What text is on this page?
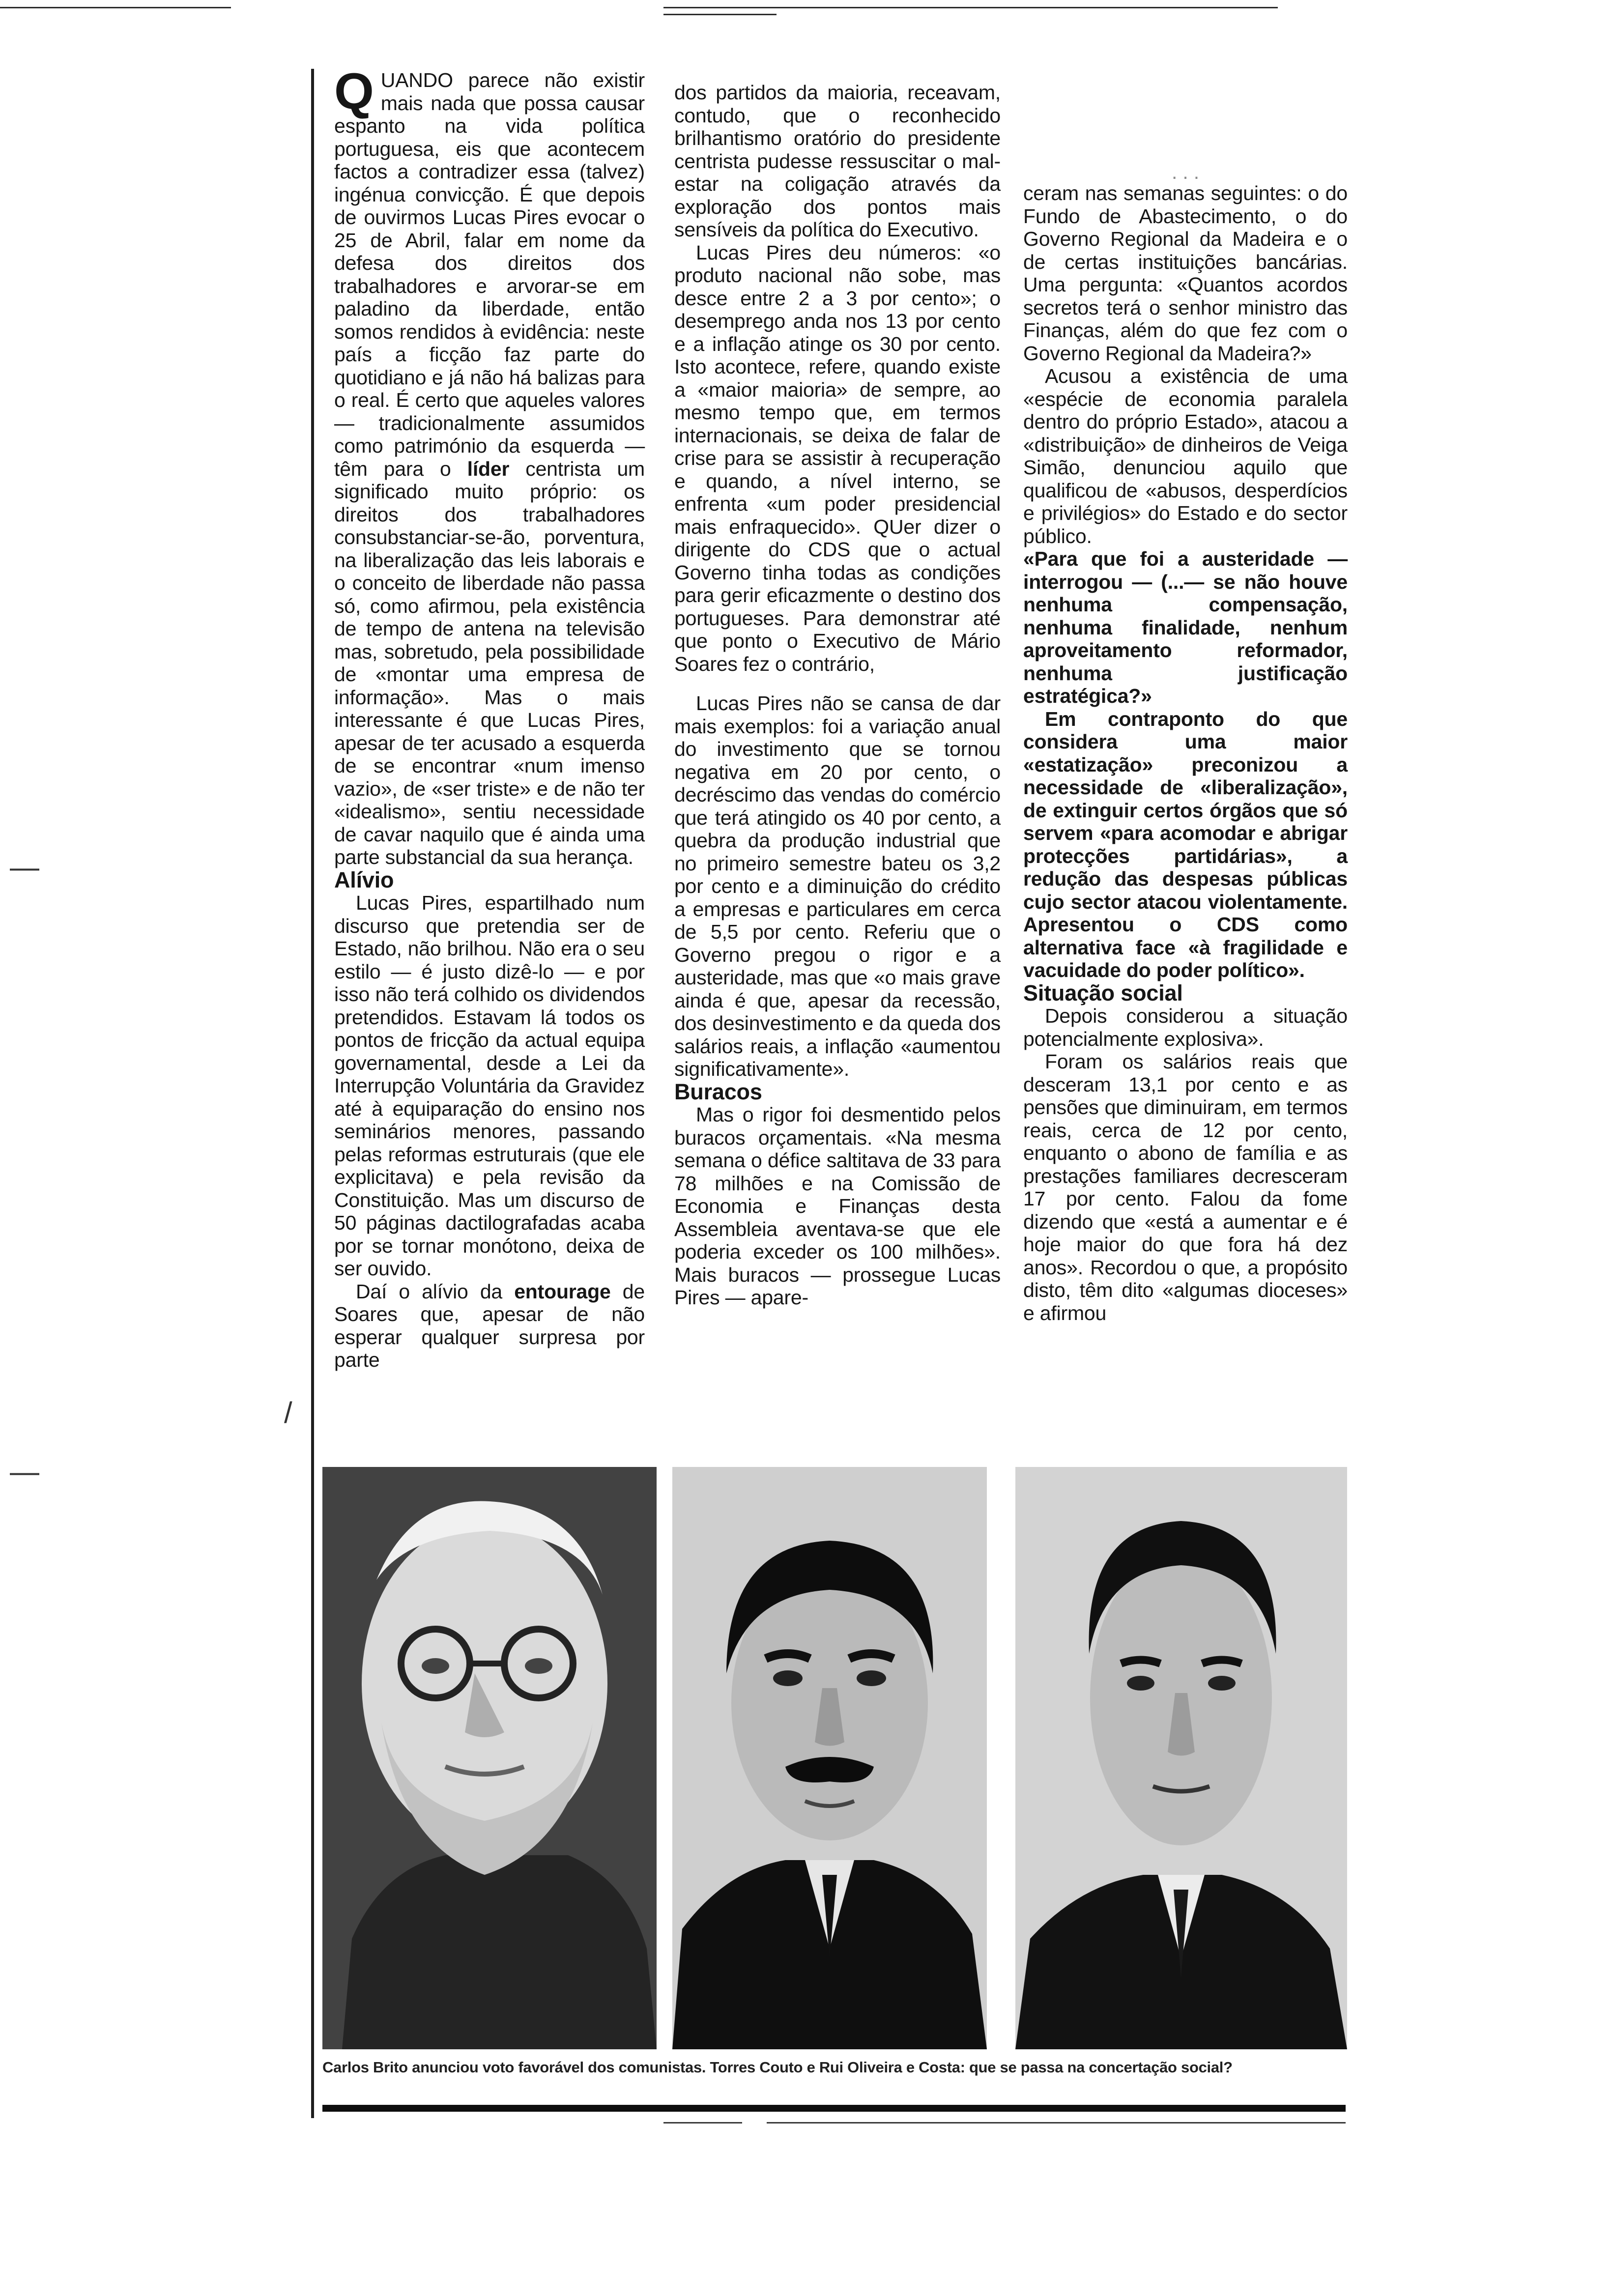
—
/
—

QUANDO parece não existir mais nada que possa causar espanto na vida política portuguesa, eis que acontecem factos a contradizer essa (talvez) ingénua convicção. É que depois de ouvirmos Lucas Pires evocar o 25 de Abril, falar em nome da defesa dos direitos dos trabalhadores e arvorar-se em paladino da liberdade, então somos rendidos à evidência: neste país a ficção faz parte do quotidiano e já não há balizas para o real. É certo que aqueles valores — tradicionalmente assumidos como património da esquerda — têm para o líder centrista um significado muito próprio: os direitos dos trabalhadores consubstanciar-se-ão, porventura, na liberalização das leis laborais e o conceito de liberdade não passa só, como afirmou, pela existência de tempo de antena na televisão mas, sobretudo, pela possibilidade de «montar uma empresa de informação». Mas o mais interessante é que Lucas Pires, apesar de ter acusado a esquerda de se encontrar «num imenso vazio», de «ser triste» e de não ter «idealismo», sentiu necessidade de cavar naquilo que é ainda uma parte substancial da sua herança.

Alívio

Lucas Pires, espartilhado num discurso que pretendia ser de Estado, não brilhou. Não era o seu estilo — é justo dizê-lo — e por isso não terá colhido os dividendos pretendidos. Estavam lá todos os pontos de fricção da actual equipa governamental, desde a Lei da Interrupção Voluntária da Gravidez até à equiparação do ensino nos seminários menores, passando pelas reformas estruturais (que ele explicitava) e pela revisão da Constituição. Mas um discurso de 50 páginas dactilografadas acaba por se tornar monótono, deixa de ser ouvido.

Daí o alívio da entourage de Soares que, apesar de não esperar qualquer surpresa por parte

dos partidos da maioria, receavam, contudo, que o reconhecido brilhantismo oratório do presidente centrista pudesse ressuscitar o mal-estar na coligação através da exploração dos pontos mais sensíveis da política do Executivo.

Lucas Pires deu números: «o produto nacional não sobe, mas desce entre 2 a 3 por cento»; o desemprego anda nos 13 por cento e a inflação atinge os 30 por cento. Isto acontece, refere, quando existe a «maior maioria» de sempre, ao mesmo tempo que, em termos internacionais, se deixa de falar de crise para se assistir à recuperação e quando, a nível interno, se enfrenta «um poder presidencial mais enfraquecido». QUer dizer o dirigente do CDS que o actual Governo tinha todas as condições para gerir eficazmente o destino dos portugueses. Para demonstrar até que ponto o Executivo de Mário Soares fez o contrário,

Lucas Pires não se cansa de dar mais exemplos: foi a variação anual do investimento que se tornou negativa em 20 por cento, o decréscimo das vendas do comércio que terá atingido os 40 por cento, a quebra da produção industrial que no primeiro semestre bateu os 3,2 por cento e a diminuição do crédito a empresas e particulares em cerca de 5,5 por cento. Referiu que o Governo pregou o rigor e a austeridade, mas que «o mais grave ainda é que, apesar da recessão, dos desinvestimento e da queda dos salários reais, a inflação «aumentou significativamente».

Buracos

Mas o rigor foi desmentido pelos buracos orçamentais. «Na mesma semana o défice saltitava de 33 para 78 milhões e na Comissão de Economia e Finanças desta Assembleia aventava-se que ele poderia exceder os 100 milhões». Mais buracos — prossegue Lucas Pires — apare-

. . .

ceram nas semanas seguintes: o do Fundo de Abastecimento, o do Governo Regional da Madeira e o de certas instituições bancárias. Uma pergunta: «Quantos acordos secretos terá o senhor ministro das Finanças, além do que fez com o Governo Regional da Madeira?»

Acusou a existência de uma «espécie de economia paralela dentro do próprio Estado», atacou a «distribuição» de dinheiros de Veiga Simão, denunciou aquilo que qualificou de «abusos, desperdícios e privilégios» do Estado e do sector público.

«Para que foi a austeridade — interrogou — (...— se não houve nenhuma compensação, nenhuma finalidade, nenhum aproveitamento reformador, nenhuma justificação estratégica?»

Em contraponto do que considera uma maior «estatização» preconizou a necessidade de «liberalização», de extinguir certos órgãos que só servem «para acomodar e abrigar protecções partidárias», a redução das despesas públicas cujo sector atacou violentamente. Apresentou o CDS como alternativa face «à fragilidade e vacuidade do poder político».

Situação social

Depois considerou a situação potencialmente explosiva».

Foram os salários reais que desceram 13,1 por cento e as pensões que diminuiram, em termos reais, cerca de 12 por cento, enquanto o abono de família e as prestações familiares decresceram 17 por cento. Falou da fome dizendo que «está a aumentar e é hoje maior do que fora há dez anos». Recordou o que, a propósito disto, têm dito «algumas dioceses» e afirmou

Carlos Brito anunciou voto favorável dos comunistas. Torres Couto e Rui Oliveira e Costa: que se passa na concertação social?
